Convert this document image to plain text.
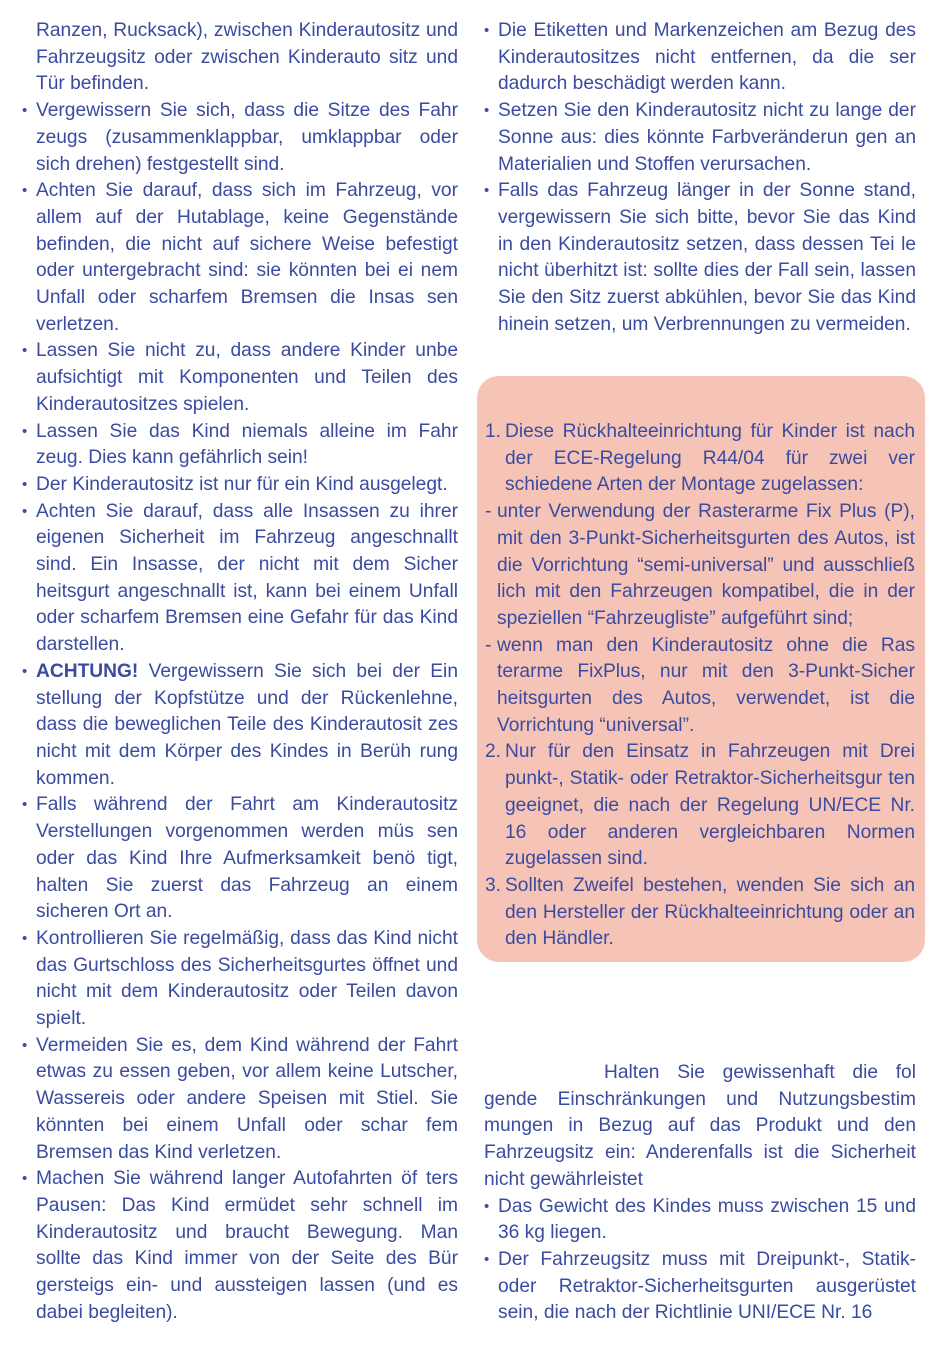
Ranzen, Rucksack), zwischen Kinderautositz und Fahrzeugsitz oder zwischen Kinderauto sitz und Tür befinden.

• Vergewissern Sie sich, dass die Sitze des Fahr zeugs (zusammenklappbar, umklappbar oder sich drehen) festgestellt sind.
• Achten Sie darauf, dass sich im Fahrzeug, vor allem auf der Hutablage, keine Gegenstände befinden, die nicht auf sichere Weise befestigt oder untergebracht sind: sie könnten bei ei nem Unfall oder scharfem Bremsen die Insas sen verletzen.
• Lassen Sie nicht zu, dass andere Kinder unbe aufsichtigt mit Komponenten und Teilen des Kinderautositzes spielen.
• Lassen Sie das Kind niemals alleine im Fahr zeug. Dies kann gefährlich sein!
• Der Kinderautositz ist nur für ein Kind ausgelegt.
• Achten Sie darauf, dass alle Insassen zu ihrer eigenen Sicherheit im Fahrzeug angeschnallt sind. Ein Insasse, der nicht mit dem Sicher heitsgurt angeschnallt ist, kann bei einem Unfall oder scharfem Bremsen eine Gefahr für das Kind darstellen.
• ACHTUNG! Vergewissern Sie sich bei der Ein stellung der Kopfstütze und der Rückenlehne, dass die beweglichen Teile des Kinderautosit zes nicht mit dem Körper des Kindes in Berüh rung kommen.
• Falls während der Fahrt am Kinderautositz Verstellungen vorgenommen werden müs sen oder das Kind Ihre Aufmerksamkeit benö tigt, halten Sie zuerst das Fahrzeug an einem sicheren Ort an.
• Kontrollieren Sie regelmäßig, dass das Kind nicht das Gurtschloss des Sicherheitsgurtes öffnet und nicht mit dem Kinderautositz oder Teilen davon spielt.
• Vermeiden Sie es, dem Kind während der Fahrt etwas zu essen geben, vor allem keine Lutscher, Wassereis oder andere Speisen mit Stiel. Sie könnten bei einem Unfall oder schar fem Bremsen das Kind verletzen.
• Machen Sie während langer Autofahrten öf ters Pausen: Das Kind ermüdet sehr schnell im Kinderautositz und braucht Bewegung. Man sollte das Kind immer von der Seite des Bür gersteigs ein- und aussteigen lassen (und es dabei begleiten).
• Die Etiketten und Markenzeichen am Bezug des Kinderautositzes nicht entfernen, da die ser dadurch beschädigt werden kann.
• Setzen Sie den Kinderautositz nicht zu lange der Sonne aus: dies könnte Farbveränderun gen an Materialien und Stoffen verursachen.
• Falls das Fahrzeug länger in der Sonne stand, vergewissern Sie sich bitte, bevor Sie das Kind in den Kinderautositz setzen, dass dessen Tei le nicht überhitzt ist: sollte dies der Fall sein, lassen Sie den Sitz zuerst abkühlen, bevor Sie das Kind hinein setzen, um Verbrennungen zu vermeiden.
1. Diese Rückhalteeinrichtung für Kinder ist nach der ECE-Regelung R44/04 für zwei ver schiedene Arten der Montage zugelassen:
- unter Verwendung der Rasterarme Fix Plus (P), mit den 3-Punkt-Sicherheitsgurten des Autos, ist die Vorrichtung “semi-universal” und ausschließ lich mit den Fahrzeugen kompatibel, die in der speziellen “Fahrzeugliste” aufgeführt sind;
- wenn man den Kinderautositz ohne die Ras terarme FixPlus, nur mit den 3-Punkt-Sicher heitsgurten des Autos, verwendet, ist die Vorrichtung “universal”.
2. Nur für den Einsatz in Fahrzeugen mit Drei punkt-, Statik- oder Retraktor-Sicherheitsgur ten geeignet, die nach der Regelung UN/ECE Nr. 16 oder anderen vergleichbaren Normen zugelassen sind.
3. Sollten Zweifel bestehen, wenden Sie sich an den Hersteller der Rückhalteeinrichtung oder an den Händler.

Halten Sie gewissenhaft die fol gende Einschränkungen und Nutzungsbestim mungen in Bezug auf das Produkt und den Fahrzeugsitz ein: Anderenfalls ist die Sicherheit nicht gewährleistet

• Das Gewicht des Kindes muss zwischen 15 und 36 kg liegen.
• Der Fahrzeugsitz muss mit Dreipunkt-, Statik- oder Retraktor-Sicherheitsgurten ausgerüstet sein, die nach der Richtlinie UNI/ECE Nr. 16
